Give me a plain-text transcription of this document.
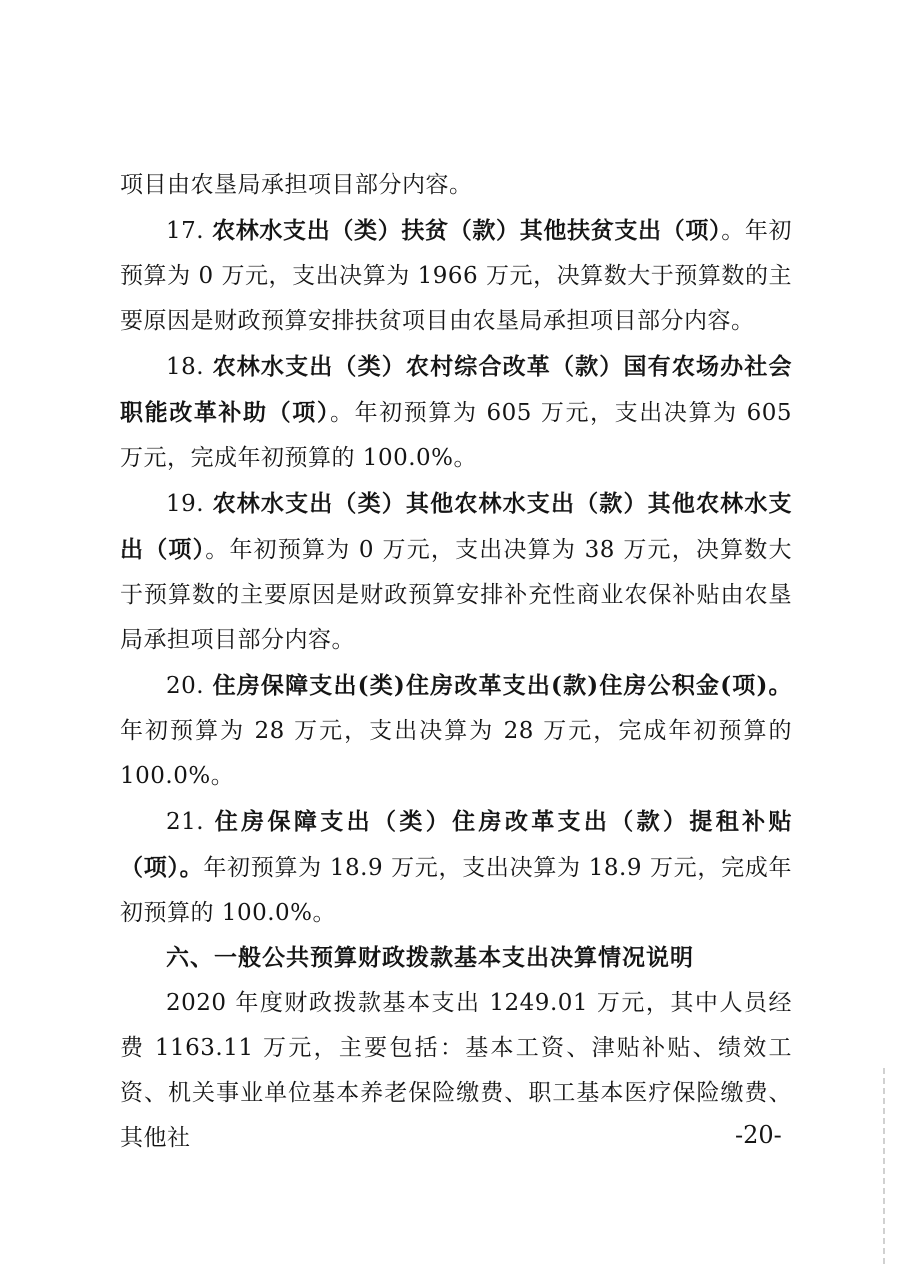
项目由农垦局承担项目部分内容。

17. 农林水支出（类）扶贫（款）其他扶贫支出（项）。年初预算为 0 万元，支出决算为 1966 万元，决算数大于预算数的主要原因是财政预算安排扶贫项目由农垦局承担项目部分内容。

18. 农林水支出（类）农村综合改革（款）国有农场办社会职能改革补助（项）。年初预算为 605 万元，支出决算为 605 万元，完成年初预算的 100.0%。

19. 农林水支出（类）其他农林水支出（款）其他农林水支出（项）。年初预算为 0 万元，支出决算为 38 万元，决算数大于预算数的主要原因是财政预算安排补充性商业农保补贴由农垦局承担项目部分内容。

20. 住房保障支出(类)住房改革支出(款)住房公积金(项)。年初预算为 28 万元，支出决算为 28 万元，完成年初预算的 100.0%。

21. 住房保障支出（类）住房改革支出（款）提租补贴（项）。年初预算为 18.9 万元，支出决算为 18.9 万元，完成年初预算的 100.0%。

六、一般公共预算财政拨款基本支出决算情况说明

2020 年度财政拨款基本支出 1249.01 万元，其中人员经费 1163.11 万元，主要包括：基本工资、津贴补贴、绩效工资、机关事业单位基本养老保险缴费、职工基本医疗保险缴费、其他社	-20-
